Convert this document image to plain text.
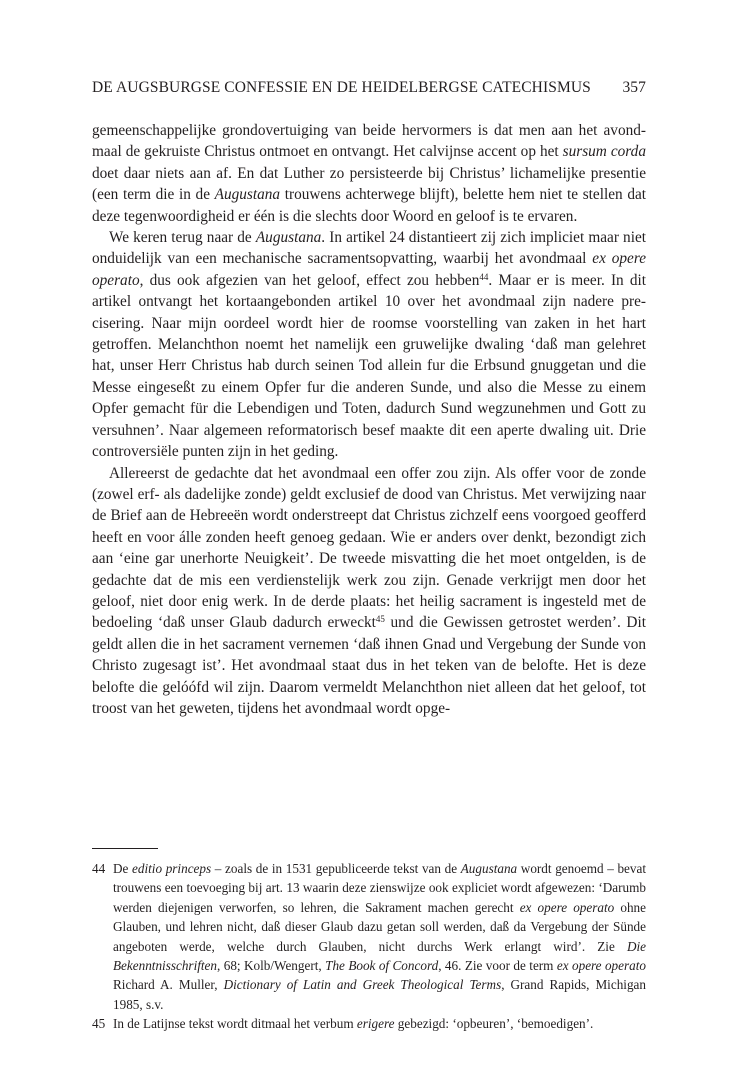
DE AUGSBURGSE CONFESSIE EN DE HEIDELBERGSE CATECHISMUS 357

gemeenschappelijke grondovertuiging van beide hervormers is dat men aan het avondmaal de gekruiste Christus ontmoet en ontvangt. Het calvijnse accent op het sursum corda doet daar niets aan af. En dat Luther zo persisteerde bij Christus’ lichamelijke presentie (een term die in de Augustana trouwens achterwege blijft), belette hem niet te stellen dat deze tegenwoordigheid er één is die slechts door Woord en geloof is te ervaren.

We keren terug naar de Augustana. In artikel 24 distantieert zij zich impliciet maar niet onduidelijk van een mechanische sacramentsopvatting, waarbij het avondmaal ex opere operato, dus ook afgezien van het geloof, effect zou hebben$^{44}$. Maar er is meer. In dit artikel ontvangt het kortaangebonden artikel 10 over het avondmaal zijn nadere precisering. Naar mijn oordeel wordt hier de roomse voorstelling van zaken in het hart getroffen. Melanchthon noemt het namelijk een gruwelijke dwaling ‘daß man gelehret hat, unser Herr Christus hab durch seinen Tod allein fur die Erbsund gnuggetan und die Messe eingeseßt zu einem Opfer fur die anderen Sunde, und also die Messe zu einem Opfer gemacht für die Lebendigen und Toten, dadurch Sund wegzunehmen und Gott zu versuhnen’. Naar algemeen reformatorisch besef maakte dit een aperte dwaling uit. Drie controversiële punten zijn in het geding.

Allereerst de gedachte dat het avondmaal een offer zou zijn. Als offer voor de zonde (zowel erf- als dadelijke zonde) geldt exclusief de dood van Christus. Met verwijzing naar de Brief aan de Hebreeën wordt onderstreept dat Christus zichzelf eens voorgoed geofferd heeft en voor álle zonden heeft genoeg gedaan. Wie er anders over denkt, bezondigt zich aan ‘eine gar unerhorte Neuigkeit’. De tweede misvatting die het moet ontgelden, is de gedachte dat de mis een verdienstelijk werk zou zijn. Genade verkrijgt men door het geloof, niet door enig werk. In de derde plaats: het heilig sacrament is ingesteld met de bedoeling ‘daß unser Glaub dadurch erweckt$^{45}$ und die Gewissen getrostet werden’. Dit geldt allen die in het sacrament vernemen ‘daß ihnen Gnad und Vergebung der Sunde von Christo zugesagt ist’. Het avondmaal staat dus in het teken van de belofte. Het is deze belofte die gelóófd wil zijn. Daarom vermeldt Melanchthon niet alleen dat het geloof, tot troost van het geweten, tijdens het avondmaal wordt opge-

44 De editio princeps – zoals de in 1531 gepubliceerde tekst van de Augustana wordt genoemd – bevat trouwens een toevoeging bij art. 13 waarin deze zienswijze ook expliciet wordt afgewezen: ‘Darumb werden diejenigen verworfen, so lehren, die Sakrament machen gerecht ex opere operato ohne Glauben, und lehren nicht, daß dieser Glaub dazu getan soll werden, daß da Vergebung der Sünde angeboten werde, welche durch Glauben, nicht durchs Werk erlangt wird’. Zie Die Bekenntnisschriften, 68; Kolb/Wengert, The Book of Concord, 46. Zie voor de term ex opere operato Richard A. Muller, Dictionary of Latin and Greek Theological Terms, Grand Rapids, Michigan 1985, s.v.

45 In de Latijnse tekst wordt ditmaal het verbum erigere gebezigd: ‘opbeuren’, ‘bemoedigen’.
